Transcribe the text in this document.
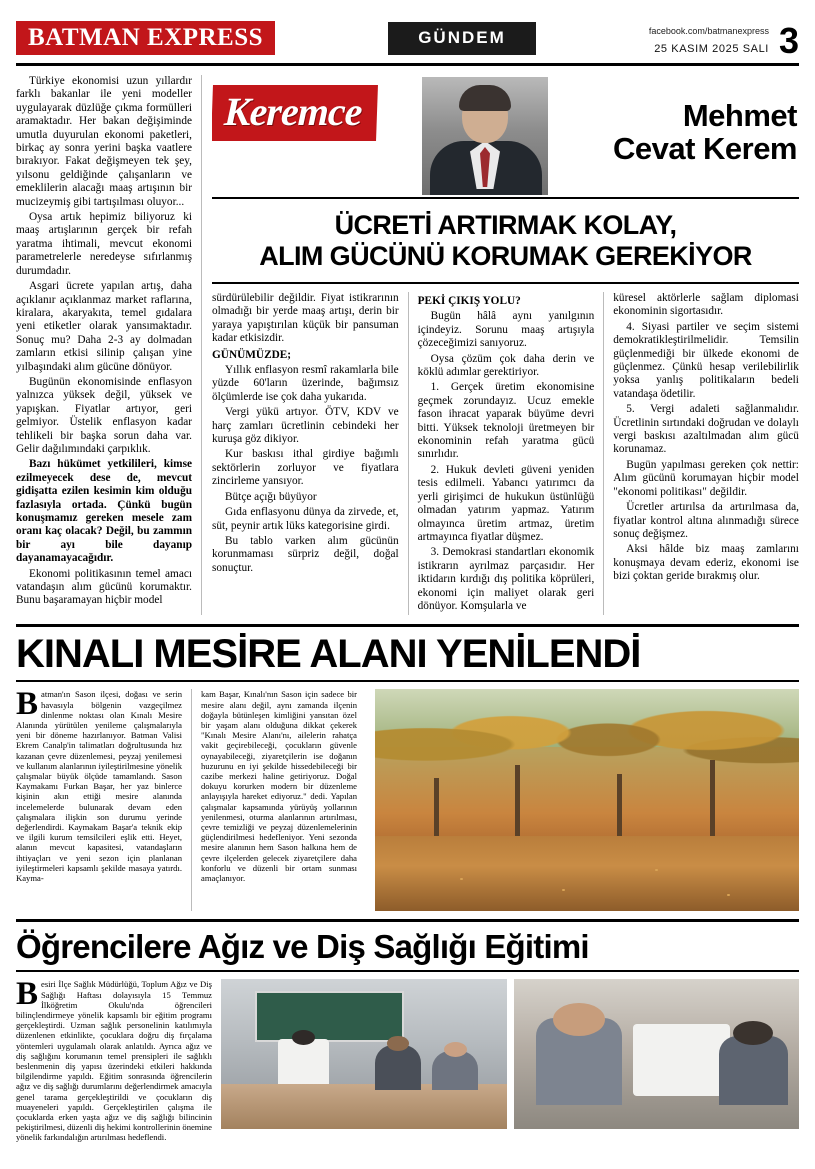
BATMAN EXPRESS	GÜNDEM	facebook.com/batmanexpress
25 KASIM 2025 SALI 3

Türkiye ekonomisi uzun yıllardır farklı bakanlar ile yeni modeller uygulayarak düzlüğe çıkma formülleri aramaktadır. Her bakan değişiminde umutla duyurulan ekonomi paketleri, birkaç ay sonra yerini başka vaatlere bırakıyor. Fakat değişmeyen tek şey, yılsonu geldiğinde çalışanların ve emeklilerin alacağı maaş artışının bir mucizeymiş gibi tartışılması oluyor...

Oysa artık hepimiz biliyoruz ki maaş artışlarının gerçek bir refah yaratma ihtimali, mevcut ekonomi parametrelerle neredeyse sıfırlanmış durumdadır.

Asgari ücrete yapılan artış, daha açıklanır açıklanmaz market raflarına, kiralara, akaryakıta, temel gıdalara yeni etiketler olarak yansımaktadır. Sonuç mu? Daha 2-3 ay dolmadan zamların etkisi silinip çalışan yine yılbaşındaki alım gücüne dönüyor.

Bugünün ekonomisinde enflasyon yalnızca yüksek değil, yüksek ve yapışkan. Fiyatlar artıyor, geri gelmiyor. Üstelik enflasyon kadar tehlikeli bir başka sorun daha var. Gelir dağılımındaki çarpıklık.

Bazı hükümet yetkilileri, kimse ezilmeyecek dese de, mevcut gidişatta ezilen kesimin kim olduğu fazlasıyla ortada. Çünkü bugün konuşmamız gereken mesele zam oranı kaç olacak? Değil, bu zammın bir ayı bile dayanıp dayanamayacağıdır.

Ekonomi politikasının temel amacı vatandaşın alım gücünü korumaktır. Bunu başaramayan hiçbir model

Keremce	Mehmet
Cevat Kerem
ÜCRETİ ARTIRMAK KOLAY,
ALIM GÜCÜNÜ KORUMAK GEREKİYOR

sürdürülebilir değildir. Fiyat istikrarının olmadığı bir yerde maaş artışı, derin bir yaraya yapıştırılan küçük bir pansuman kadar etkisizdir.

GÜNÜMÜZDE;

Yıllık enflasyon resmî rakamlarla bile yüzde 60'ların üzerinde, bağımsız ölçümlerde ise çok daha yukarıda.

Vergi yükü artıyor. ÖTV, KDV ve harç zamları ücretlinin cebindeki her kuruşa göz dikiyor.

Kur baskısı ithal girdiye bağımlı sektörlerin zorluyor ve fiyatlara zincirleme yansıyor.

Bütçe açığı büyüyor

Gıda enflasyonu dünya da zirvede, et, süt, peynir artık lüks kategorisine girdi.

Bu tablo varken alım gücünün korunmaması sürpriz değil, doğal sonuçtur.

PEKİ ÇIKIŞ YOLU?

Bugün hâlâ aynı yanılgının içindeyiz. Sorunu maaş artışıyla çözeceğimizi sanıyoruz.

Oysa çözüm çok daha derin ve köklü adımlar gerektiriyor.

1. Gerçek üretim ekonomisine geçmek zorundayız. Ucuz emekle fason ihracat yaparak büyüme devri bitti. Yüksek teknoloji üretmeyen bir ekonominin refah yaratma gücü sınırlıdır.

2. Hukuk devleti güveni yeniden tesis edilmeli. Yabancı yatırımcı da yerli girişimci de hukukun üstünlüğü olmadan yatırım yapmaz. Yatırım olmayınca üretim artmaz, üretim artmayınca fiyatlar düşmez.

3. Demokrasi standartları ekonomik istikrarın ayrılmaz parçasıdır. Her iktidarın kırdığı dış politika köprüleri, ekonomi için maliyet olarak geri dönüyor. Komşularla ve

küresel aktörlerle sağlam diplomasi ekonominin sigortasıdır.

4. Siyasi partiler ve seçim sistemi demokratikleştirilmelidir. Temsilin güçlenmediği bir ülkede ekonomi de güçlenmez. Çünkü hesap verilebilirlik yoksa yanlış politikaların bedeli vatandaşa ödetilir.

5. Vergi adaleti sağlanmalıdır. Ücretlinin sırtındaki doğrudan ve dolaylı vergi baskısı azaltılmadan alım gücü korunamaz.

Bugün yapılması gereken çok nettir: Alım gücünü korumayan hiçbir model "ekonomi politikası" değildir.

Ücretler artırılsa da artırılmasa da, fiyatlar kontrol altına alınmadığı sürece sonuç değişmez.

Aksi hâlde biz maaş zamlarını konuşmaya devam ederiz, ekonomi ise bizi çoktan geride bırakmış olur.

KINALI MESİRE ALANI YENİLENDİ

Batman'ın Sason ilçesi, doğası ve serin havasıyla bölgenin vazgeçilmez dinlenme noktası olan Kınalı Mesire Alanında yürütülen yenileme çalışmalarıyla yeni bir döneme hazırlanıyor. Batman Valisi Ekrem Canalp'in talimatları doğrultusunda hız kazanan çevre düzenlemesi, peyzaj yenilemesi ve kullanım alanlarının iyileştirilmesine yönelik çalışmalar büyük ölçüde tamamlandı. Sason Kaymakamı Furkan Başar, her yaz binlerce kişinin akın ettiği mesire alanında incelemelerde bulunarak devam eden çalışmalara ilişkin son durumu yerinde değerlendirdi. Kaymakam Başar'a teknik ekip ve ilgili kurum temsilcileri eşlik etti. Heyet, alanın mevcut kapasitesi, vatandaşların ihtiyaçları ve yeni sezon için planlanan iyileştirmeleri kapsamlı şekilde masaya yatırdı. Kayma-

kam Başar, Kınalı'nın Sason için sadece bir mesire alanı değil, aynı zamanda ilçenin doğayla bütünleşen kimliğini yansıtan özel bir yaşam alanı olduğuna dikkat çekerek "Kınalı Mesire Alanı'nı, ailelerin rahatça vakit geçirebileceği, çocukların güvenle oynayabileceği, ziyaretçilerin ise doğanın huzurunu en iyi şekilde hissedebileceği bir cazibe merkezi haline getiriyoruz. Doğal dokuyu korurken modern bir düzenleme anlayışıyla hareket ediyoruz." dedi. Yapılan çalışmalar kapsamında yürüyüş yollarının yenilenmesi, oturma alanlarının artırılması, çevre temizliği ve peyzaj düzenlemelerinin güçlendirilmesi hedefleniyor. Yeni sezonda mesire alanının hem Sason halkına hem de çevre ilçelerden gelecek ziyaretçilere daha konforlu ve düzenli bir ortam sunması amaçlanıyor.

Öğrencilere Ağız ve Diş Sağlığı Eğitimi

Besiri İlçe Sağlık Müdürlüğü, Toplum Ağız ve Diş Sağlığı Haftası dolayısıyla 15 Temmuz İlköğretim Okulu'nda öğrencileri bilinçlendirmeye yönelik kapsamlı bir eğitim programı gerçekleştirdi. Uzman sağlık personelinin katılımıyla düzenlenen etkinlikte, çocuklara doğru diş fırçalama yöntemleri uygulamalı olarak anlatıldı. Ayrıca ağız ve diş sağlığını korumanın temel prensipleri ile sağlıklı beslenmenin diş yapısı üzerindeki etkileri hakkında bilgilendirme yapıldı. Eğitim sonrasında öğrencilerin ağız ve diş sağlığı durumlarını değerlendirmek amacıyla genel tarama gerçekleştirildi ve çocukların diş muayeneleri yapıldı. Gerçekleştirilen çalışma ile çocuklarda erken yaşta ağız ve diş sağlığı bilincinin pekiştirilmesi, düzenli diş hekimi kontrollerinin önemine yönelik farkındalığın artırılması hedeflendi.
